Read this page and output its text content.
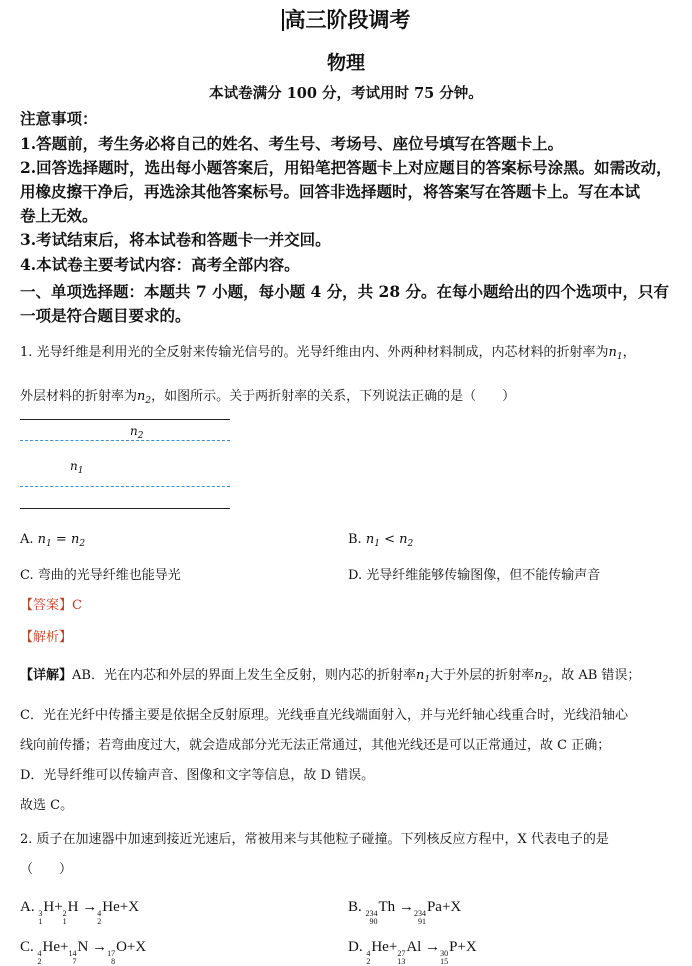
高三阶段调考
物理
本试卷满分 100 分，考试用时 75 分钟。
注意事项：
1.答题前，考生务必将自己的姓名、考生号、考场号、座位号填写在答题卡上。
2.回答选择题时，选出每小题答案后，用铅笔把答题卡上对应题目的答案标号涂黑。如需改动，
用橡皮擦干净后，再选涂其他答案标号。回答非选择题时，将答案写在答题卡上。写在本试
卷上无效。
3.考试结束后，将本试卷和答题卡一并交回。
4.本试卷主要考试内容：高考全部内容。
一、单项选择题：本题共 7 小题，每小题 4 分，共 28 分。在每小题给出的四个选项中，只有
一项是符合题目要求的。
1. 光导纤维是利用光的全反射来传输光信号的。光导纤维由内、外两种材料制成，内芯材料的折射率为$n_1$，
外层材料的折射率为$n_2$，如图所示。关于两折射率的关系，下列说法正确的是（　　）
$n_2$
$n_1$
A. $n_1 = n_2$	B. $n_1 < n_2$
C. 弯曲的光导纤维也能导光	D. 光导纤维能够传输图像，但不能传输声音
【答案】C
【解析】
【详解】AB．光在内芯和外层的界面上发生全反射，则内芯的折射率$n_1$大于外层的折射率$n_2$，故 AB 错误；
C．光在光纤中传播主要是依据全反射原理。光线垂直光线端面射入，并与光纤轴心线重合时，光线沿轴心
线向前传播；若弯曲度过大，就会造成部分光无法正常通过，其他光线还是可以正常通过，故 C 正确；
D．光导纤维可以传输声音、图像和文字等信息，故 D 错误。
故选 C。
2. 质子在加速器中加速到接近光速后，常被用来与其他粒子碰撞。下列核反应方程中，X 代表电子的是
（　　）
A. 3
1
H+ 2
1
H → 4
2
He+X	B. 234
90
Th → 234
91
Pa+X
C. 4
2
He+ 14
7
N → 17
8
O+X	D. 4
2
He+ 27
13
Al → 30
15
P+X
